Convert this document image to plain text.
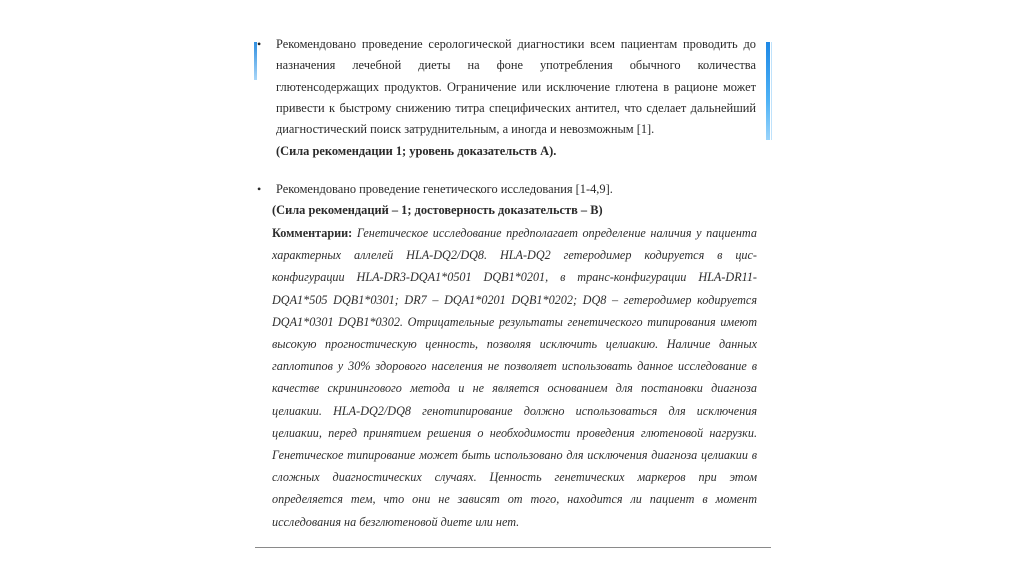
• Рекомендовано проведение серологической диагностики всем пациентам проводить до назначения лечебной диеты на фоне употребления обычного количества глютенсодержащих продуктов. Ограничение или исключение глютена в рационе может привести к быстрому снижению титра специфических антител, что сделает дальнейший диагностический поиск затруднительным, а иногда и невозможным [1].
(Сила рекомендации 1; уровень доказательств А).
• Рекомендовано проведение генетического исследования [1-4,9].
(Сила рекомендаций – 1; достоверность доказательств – В)
Комментарии: Генетическое исследование предполагает определение наличия у пациента характерных аллелей HLA-DQ2/DQ8. HLA-DQ2 гетеродимер кодируется в цис-конфигурации HLA-DR3-DQA1*0501 DQB1*0201, в транс-конфигурации HLA-DR11-DQA1*505 DQB1*0301; DR7 – DQA1*0201 DQB1*0202; DQ8 – гетеродимер кодируется DQA1*0301 DQB1*0302. Отрицательные результаты генетического типирования имеют высокую прогностическую ценность, позволяя исключить целиакию. Наличие данных гаплотипов у 30% здорового населения не позволяет использовать данное исследование в качестве скринингового метода и не является основанием для постановки диагноза целиакии. HLA-DQ2/DQ8 генотипирование должно использоваться для исключения целиакии, перед принятием решения о необходимости проведения глютеновой нагрузки. Генетическое типирование может быть использовано для исключения диагноза целиакии в сложных диагностических случаях. Ценность генетических маркеров при этом определяется тем, что они не зависят от того, находится ли пациент в момент исследования на безглютеновой диете или нет.
